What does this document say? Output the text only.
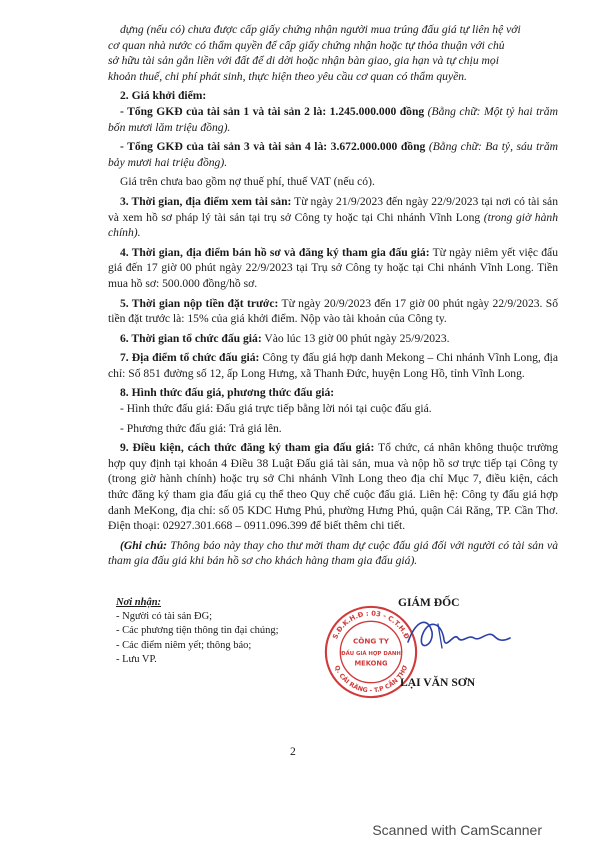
dựng (nếu có) chưa được cấp giấy chứng nhận người mua trúng đấu giá tự liên hệ với
cơ quan nhà nước có thẩm quyền để cấp giấy chứng nhận hoặc tự thỏa thuận với chủ
sở hữu tài sản gắn liền với đất để di dời hoặc nhận bàn giao, gia hạn và tự chịu mọi
khoản thuế, chi phí phát sinh, thực hiện theo yêu cầu cơ quan có thẩm quyền.

2. Giá khởi điểm:

- Tổng GKĐ của tài sản 1 và tài sản 2 là: 1.245.000.000 đồng (Bằng chữ: Một tỷ hai trăm bốn mươi lăm triệu đồng).

- Tổng GKĐ của tài sản 3 và tài sản 4 là: 3.672.000.000 đồng (Bằng chữ: Ba tỷ, sáu trăm bảy mươi hai triệu đồng).

Giá trên chưa bao gồm nợ thuế phí, thuế VAT (nếu có).

3. Thời gian, địa điểm xem tài sản: Từ ngày 21/9/2023 đến ngày 22/9/2023 tại nơi có tài sản và xem hồ sơ pháp lý tài sản tại trụ sở Công ty hoặc tại Chi nhánh Vĩnh Long (trong giờ hành chính).

4. Thời gian, địa điểm bán hồ sơ và đăng ký tham gia đấu giá: Từ ngày niêm yết việc đấu giá đến 17 giờ 00 phút ngày 22/9/2023 tại Trụ sở Công ty hoặc tại Chi nhánh Vĩnh Long. Tiền mua hồ sơ: 500.000 đồng/hồ sơ.

5. Thời gian nộp tiền đặt trước: Từ ngày 20/9/2023 đến 17 giờ 00 phút ngày 22/9/2023. Số tiền đặt trước là: 15% của giá khởi điểm. Nộp vào tài khoản của Công ty.

6. Thời gian tổ chức đấu giá: Vào lúc 13 giờ 00 phút ngày 25/9/2023.

7. Địa điểm tổ chức đấu giá: Công ty đấu giá hợp danh Mekong – Chi nhánh Vĩnh Long, địa chỉ: Số 851 đường số 12, ấp Long Hưng, xã Thanh Đức, huyện Long Hồ, tỉnh Vĩnh Long.

8. Hình thức đấu giá, phương thức đấu giá:

- Hình thức đấu giá: Đấu giá trực tiếp bằng lời nói tại cuộc đấu giá.

- Phương thức đấu giá: Trả giá lên.

9. Điều kiện, cách thức đăng ký tham gia đấu giá: Tổ chức, cá nhân không thuộc trường hợp quy định tại khoản 4 Điều 38 Luật Đấu giá tài sản, mua và nộp hồ sơ trực tiếp tại Công ty (trong giờ hành chính) hoặc trụ sở Chi nhánh Vĩnh Long theo địa chỉ Mục 7, điều kiện, cách thức đăng ký tham gia đấu giá cụ thể theo Quy chế cuộc đấu giá. Liên hệ: Công ty đấu giá hợp danh MeKong, địa chỉ: số 05 KDC Hưng Phú, phường Hưng Phú, quận Cái Răng, TP. Cần Thơ. Điện thoại: 02927.301.668 – 0911.096.399 để biết thêm chi tiết.

(Ghi chú: Thông báo này thay cho thư mời tham dự cuộc đấu giá đối với người có tài sản và tham gia đấu giá khi bán hồ sơ cho khách hàng tham gia đấu giá).

Nơi nhận:
- Người có tài sản ĐG;
- Các phương tiện thông tin đại chúng;
- Các điểm niêm yết; thông báo;
- Lưu VP.
S.Đ.K.H.Đ : 03 - C.T.H.Đ
Q. CÁI RĂNG - T.P CẦN THƠ
CÔNG TY
ĐẤU GIÁ HỢP DANH
MEKONG
GIÁM ĐỐC
LẠI VĂN SƠN
2
Scanned with CamScanner
